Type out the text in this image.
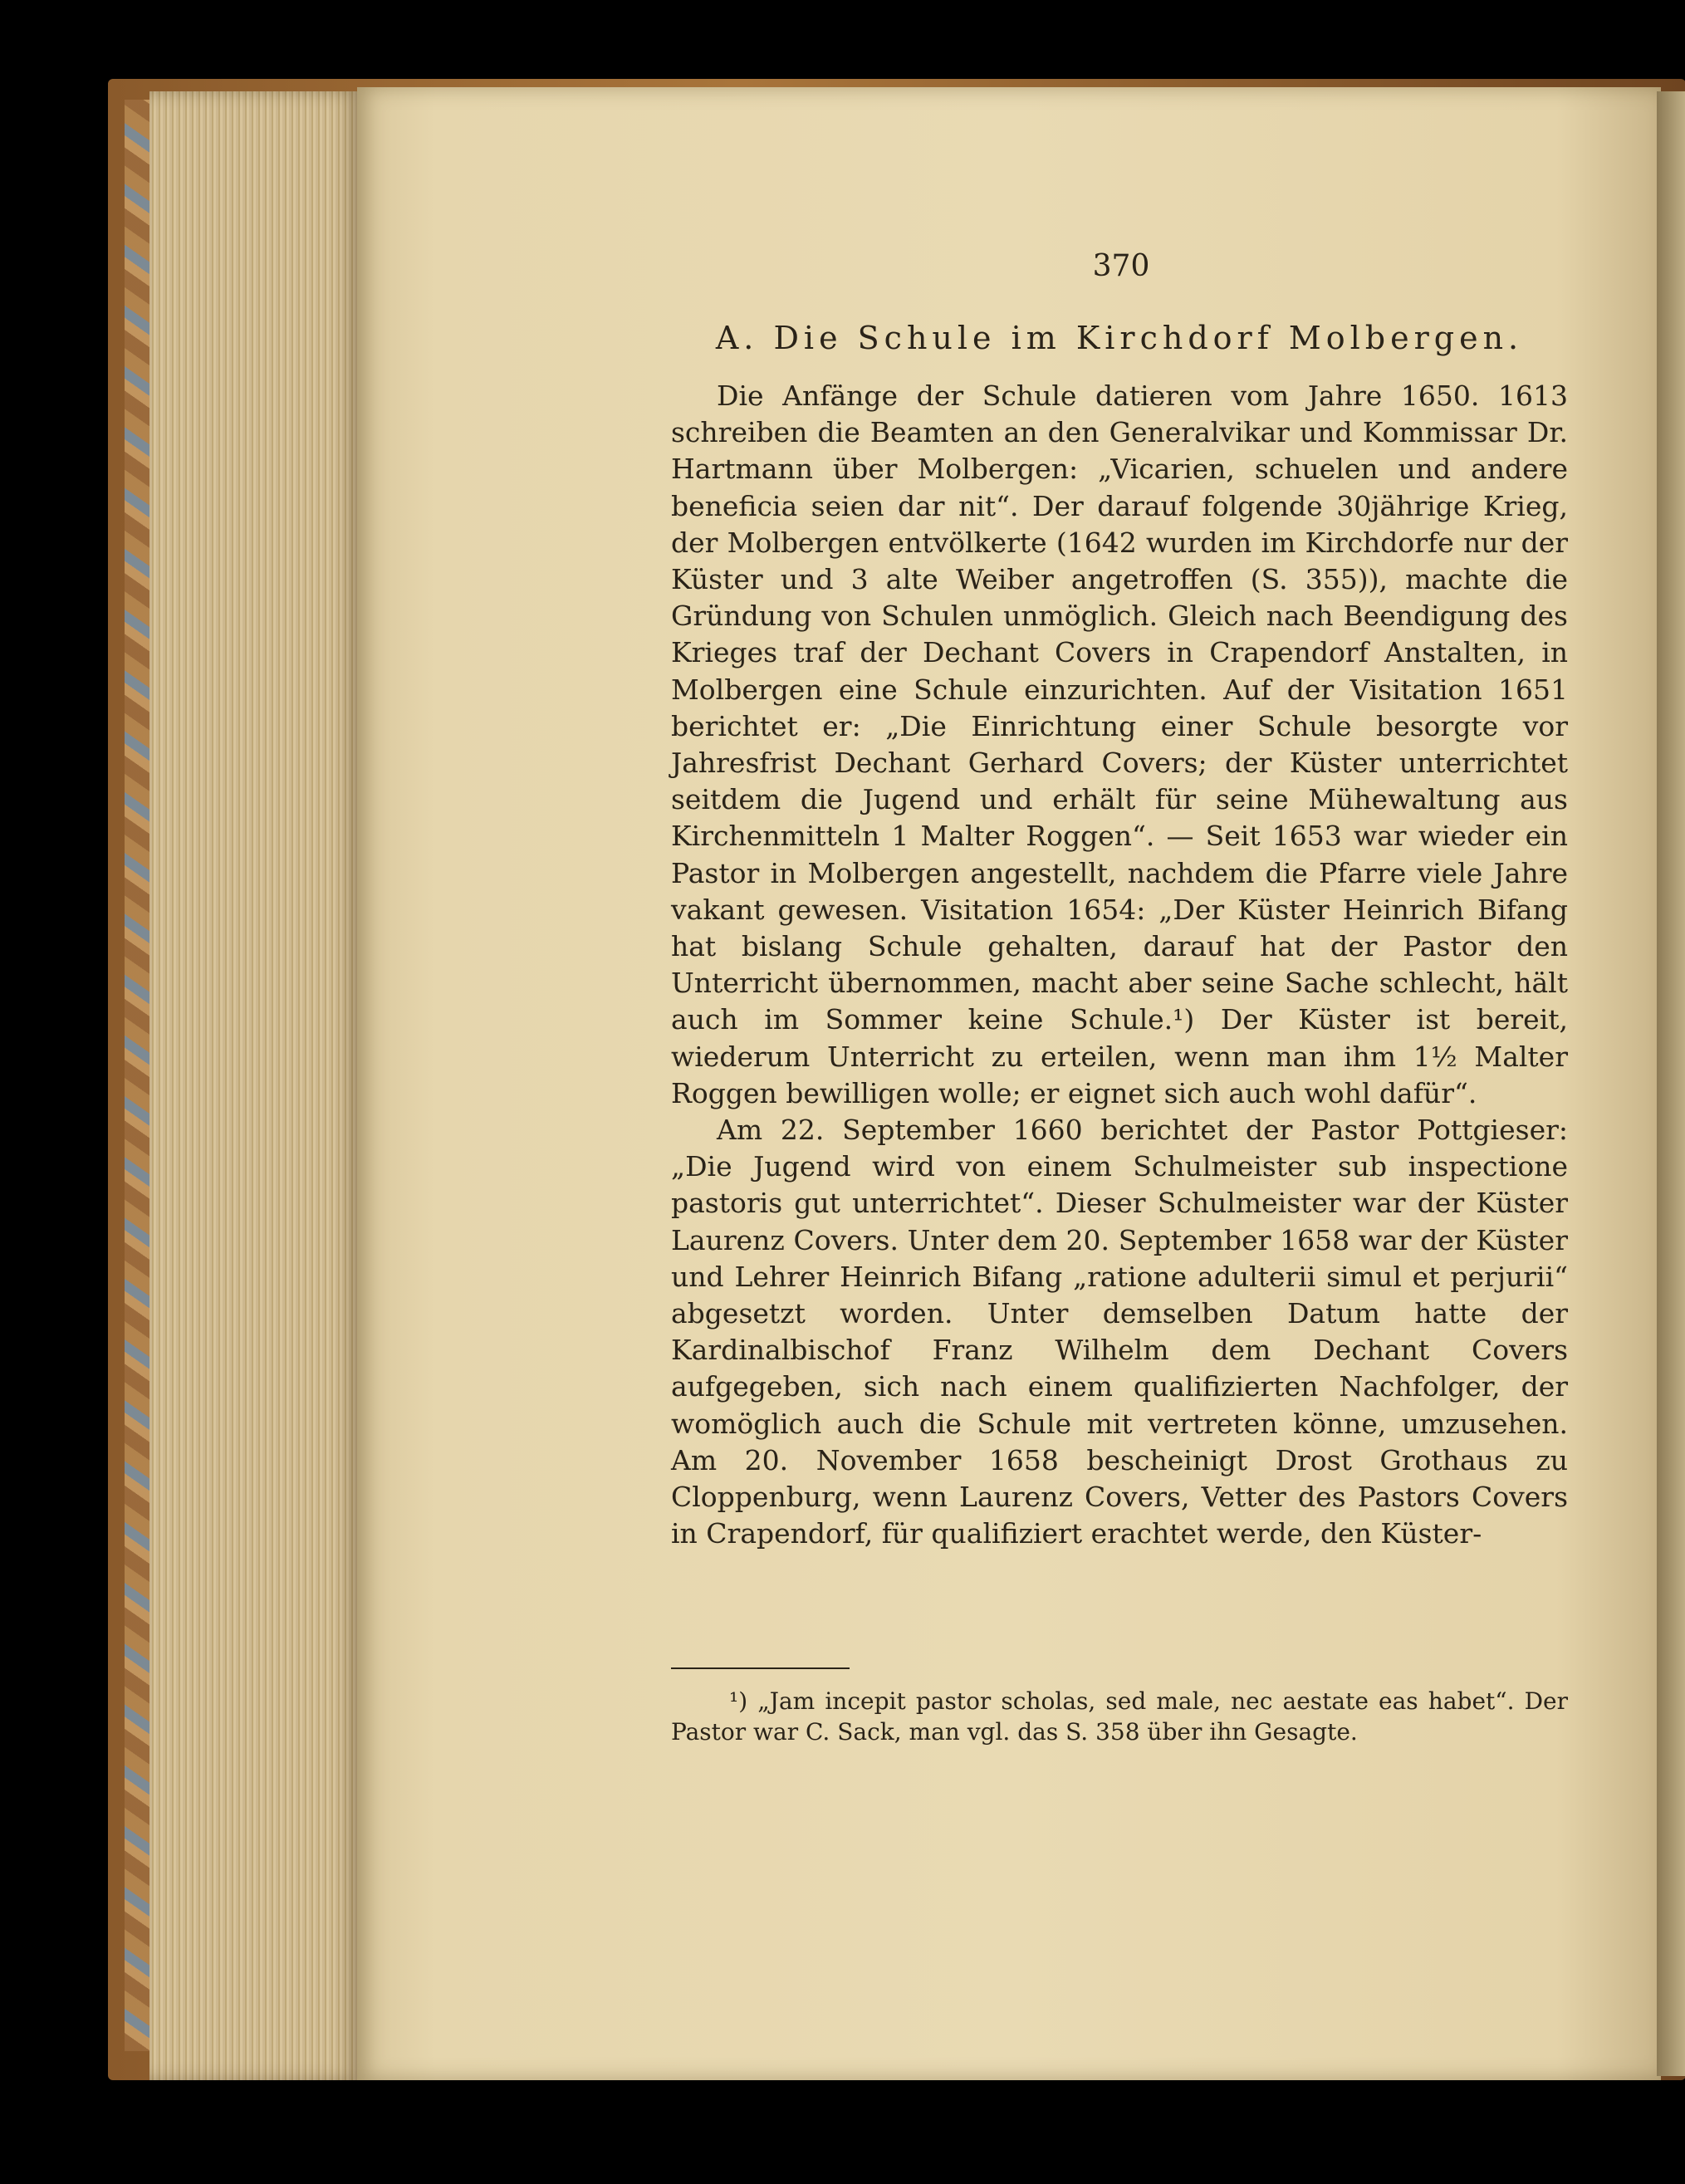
370
A. Die Schule im Kirchdorf Molbergen.

Die Anfänge der Schule datieren vom Jahre 1650. 1613 schreiben die Beamten an den Generalvikar und Kommissar Dr. Hartmann über Molbergen: „Vicarien, schuelen und andere beneficia seien dar nit“. Der darauf folgende 30jährige Krieg, der Molbergen entvölkerte (1642 wurden im Kirchdorfe nur der Küster und 3 alte Weiber angetroffen (S. 355)), machte die Gründung von Schulen unmöglich. Gleich nach Beendigung des Krieges traf der Dechant Covers in Crapendorf Anstalten, in Molbergen eine Schule einzurichten. Auf der Visitation 1651 berichtet er: „Die Einrichtung einer Schule besorgte vor Jahresfrist Dechant Gerhard Covers; der Küster unterrichtet seitdem die Jugend und erhält für seine Mühewaltung aus Kirchenmitteln 1 Malter Roggen“. — Seit 1653 war wieder ein Pastor in Molbergen angestellt, nachdem die Pfarre viele Jahre vakant gewesen. Visitation 1654: „Der Küster Heinrich Bifang hat bislang Schule gehalten, darauf hat der Pastor den Unterricht übernommen, macht aber seine Sache schlecht, hält auch im Sommer keine Schule.¹) Der Küster ist bereit, wiederum Unterricht zu erteilen, wenn man ihm 1½ Malter Roggen bewilligen wolle; er eignet sich auch wohl dafür“.

Am 22. September 1660 berichtet der Pastor Pottgieser: „Die Jugend wird von einem Schulmeister sub inspectione pastoris gut unterrichtet“. Dieser Schulmeister war der Küster Laurenz Covers. Unter dem 20. September 1658 war der Küster und Lehrer Heinrich Bifang „ratione adulterii simul et perjurii“ abgesetzt worden. Unter demselben Datum hatte der Kardinalbischof Franz Wilhelm dem Dechant Covers aufgegeben, sich nach einem qualifizierten Nachfolger, der womöglich auch die Schule mit vertreten könne, umzusehen. Am 20. November 1658 bescheinigt Drost Grothaus zu Cloppenburg, wenn Laurenz Covers, Vetter des Pastors Covers in Crapendorf, für qualifiziert erachtet werde, den Küster-

¹) „Jam incepit pastor scholas, sed male, nec aestate eas habet“. Der Pastor war C. Sack, man vgl. das S. 358 über ihn Gesagte.
